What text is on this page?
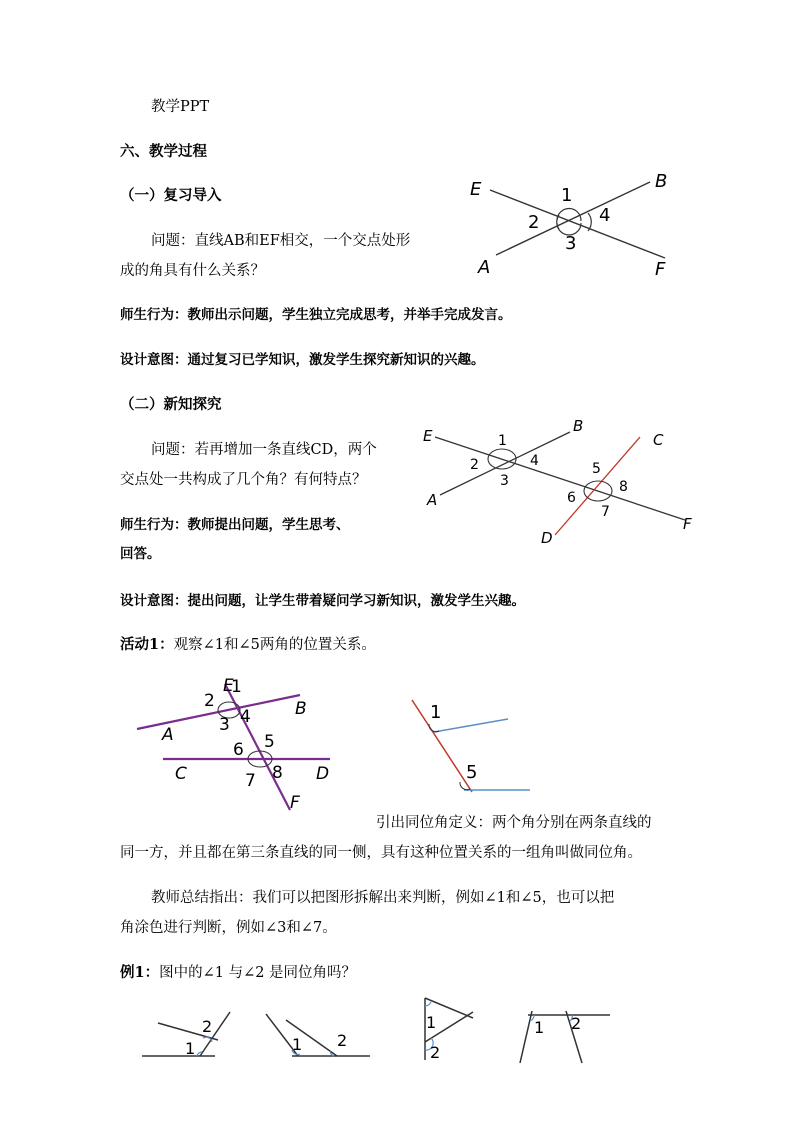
教学PPT
六、教学过程
（一）复习导入
问题：直线AB和EF相交，一个交点处形
成的角具有什么关系？
师生行为：教师出示问题，学生独立完成思考，并举手完成发言。
设计意图：通过复习已学知识，激发学生探究新知识的兴趣。
（二）新知探究
问题：若再增加一条直线CD，两个
交点处一共构成了几个角？有何特点？
师生行为：教师提出问题，学生思考、
回答。
设计意图：提出问题，让学生带着疑问学习新知识，激发学生兴趣。
活动1：观察∠1和∠5两角的位置关系。
引出同位角定义：两个角分别在两条直线的
同一方，并且都在第三条直线的同一侧，具有这种位置关系的一组角叫做同位角。
教师总结指出：我们可以把图形拆解出来判断，例如∠1和∠5，也可以把
角涂色进行判断，例如∠3和∠7。
例1：图中的∠1 与∠2 是同位角吗？
E	B
A	F
1
2
3
4
E
B
C
A
D
F
1
2
3
4	5
6
7
8
E
B
A
C	D
F
1
2
3 4
5
6
7 8
1
5
2
1	1 2
1
2
1 2
